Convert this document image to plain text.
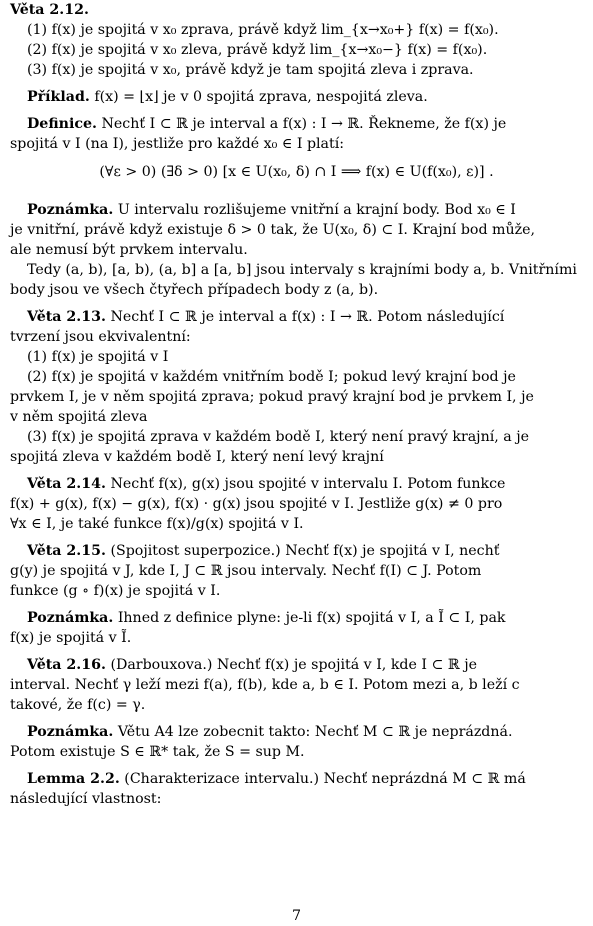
Věta 2.12.
(1) f(x) je spojitá v x₀ zprava, právě když lim_{x→x₀+} f(x) = f(x₀).
(2) f(x) je spojitá v x₀ zleva, právě když lim_{x→x₀−} f(x) = f(x₀).
(3) f(x) je spojitá v x₀, právě když je tam spojitá zleva i zprava.
Příklad. f(x) = ⌊x⌋ je v 0 spojitá zprava, nespojitá zleva.
Definice. Nechť I ⊂ ℝ je interval a f(x) : I → ℝ. Řekneme, že f(x) je
spojitá v I (na I), jestliže pro každé x₀ ∈ I platí:
(∀ε > 0) (∃δ > 0) [x ∈ U(x₀, δ) ∩ I ⟹ f(x) ∈ U(f(x₀), ε)] .
Poznámka. U intervalu rozlišujeme vnitřní a krajní body. Bod x₀ ∈ I
je vnitřní, právě když existuje δ > 0 tak, že U(x₀, δ) ⊂ I. Krajní bod může,
ale nemusí být prvkem intervalu.
Tedy (a, b), [a, b), (a, b] a [a, b] jsou intervaly s krajními body a, b. Vnitřními
body jsou ve všech čtyřech případech body z (a, b).
Věta 2.13. Nechť I ⊂ ℝ je interval a f(x) : I → ℝ. Potom následující
tvrzení jsou ekvivalentní:
(1) f(x) je spojitá v I
(2) f(x) je spojitá v každém vnitřním bodě I; pokud levý krajní bod je
prvkem I, je v něm spojitá zprava; pokud pravý krajní bod je prvkem I, je
v něm spojitá zleva
(3) f(x) je spojitá zprava v každém bodě I, který není pravý krajní, a je
spojitá zleva v každém bodě I, který není levý krajní
Věta 2.14. Nechť f(x), g(x) jsou spojité v intervalu I. Potom funkce
f(x) + g(x), f(x) − g(x), f(x) · g(x) jsou spojité v I. Jestliže g(x) ≠ 0 pro
∀x ∈ I, je také funkce f(x)/g(x) spojitá v I.
Věta 2.15. (Spojitost superpozice.) Nechť f(x) je spojitá v I, nechť
g(y) je spojitá v J, kde I, J ⊂ ℝ jsou intervaly. Nechť f(I) ⊂ J. Potom
funkce (g ∘ f)(x) je spojitá v I.
Poznámka. Ihned z definice plyne: je-li f(x) spojitá v I, a Ĩ ⊂ I, pak
f(x) je spojitá v Ĩ.
Věta 2.16. (Darbouxova.) Nechť f(x) je spojitá v I, kde I ⊂ ℝ je
interval. Nechť γ leží mezi f(a), f(b), kde a, b ∈ I. Potom mezi a, b leží c
takové, že f(c) = γ.
Poznámka. Větu A4 lze zobecnit takto: Nechť M ⊂ ℝ je neprázdná.
Potom existuje S ∈ ℝ* tak, že S = sup M.
Lemma 2.2. (Charakterizace intervalu.) Nechť neprázdná M ⊂ ℝ má
následující vlastnost:
7
